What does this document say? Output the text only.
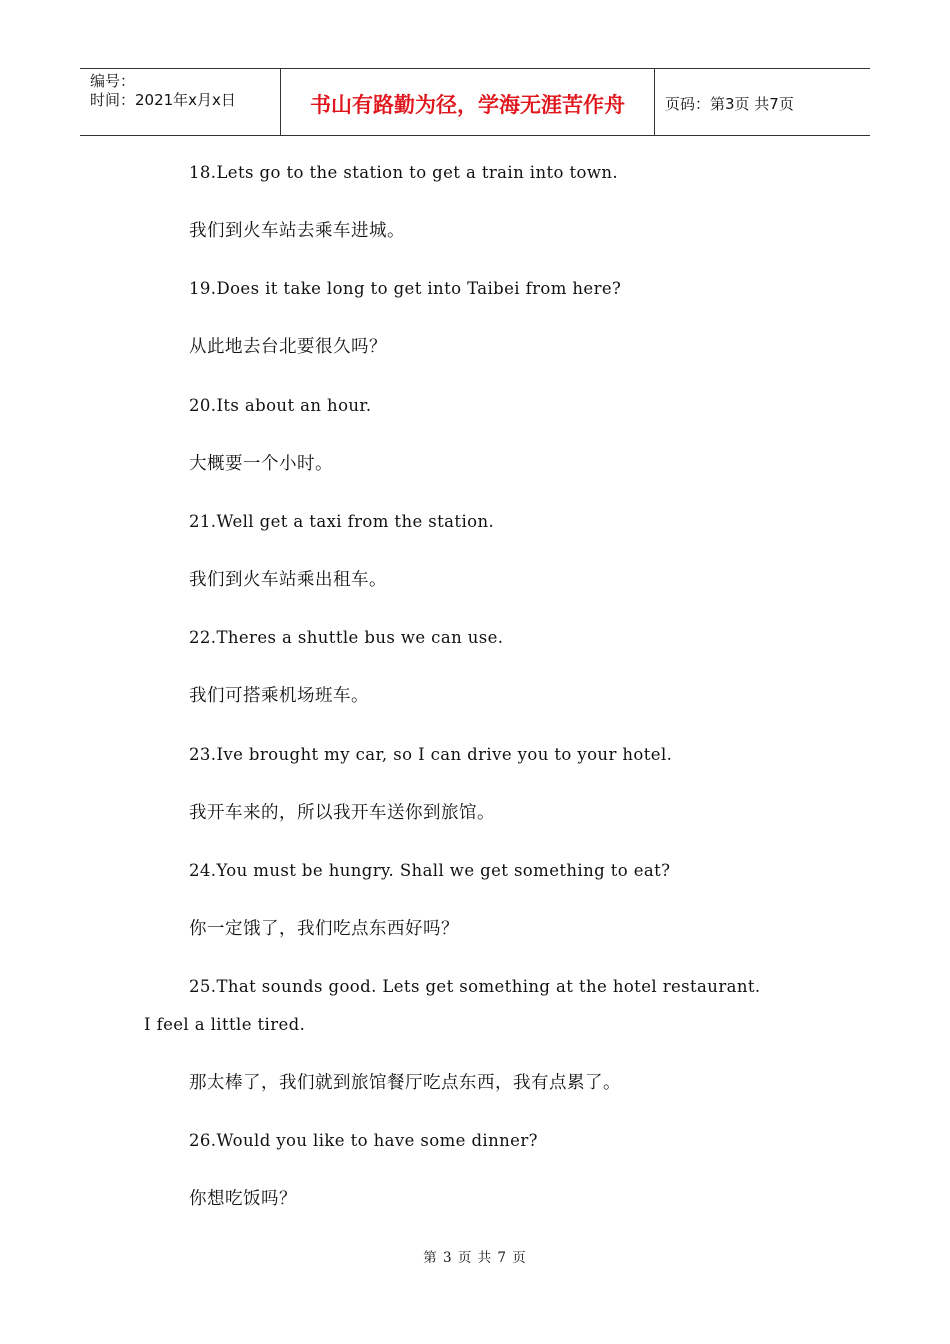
编号：
时间：2021年x月x日	书山有路勤为径，学海无涯苦作舟	页码：第3页 共7页
18.Lets go to the station to get a train into town.
我们到火车站去乘车进城。
19.Does it take long to get into Taibei from here?
从此地去台北要很久吗？
20.Its about an hour.
大概要一个小时。
21.Well get a taxi from the station.
我们到火车站乘出租车。
22.Theres a shuttle bus we can use.
我们可搭乘机场班车。
23.Ive brought my car, so I can drive you to your hotel.
我开车来的，所以我开车送你到旅馆。
24.You must be hungry. Shall we get something to eat?
你一定饿了，我们吃点东西好吗？
25.That sounds good. Lets get something at the hotel restaurant.
I feel a little tired.
那太棒了，我们就到旅馆餐厅吃点东西，我有点累了。
26.Would you like to have some dinner?
你想吃饭吗？
第 3 页 共 7 页
